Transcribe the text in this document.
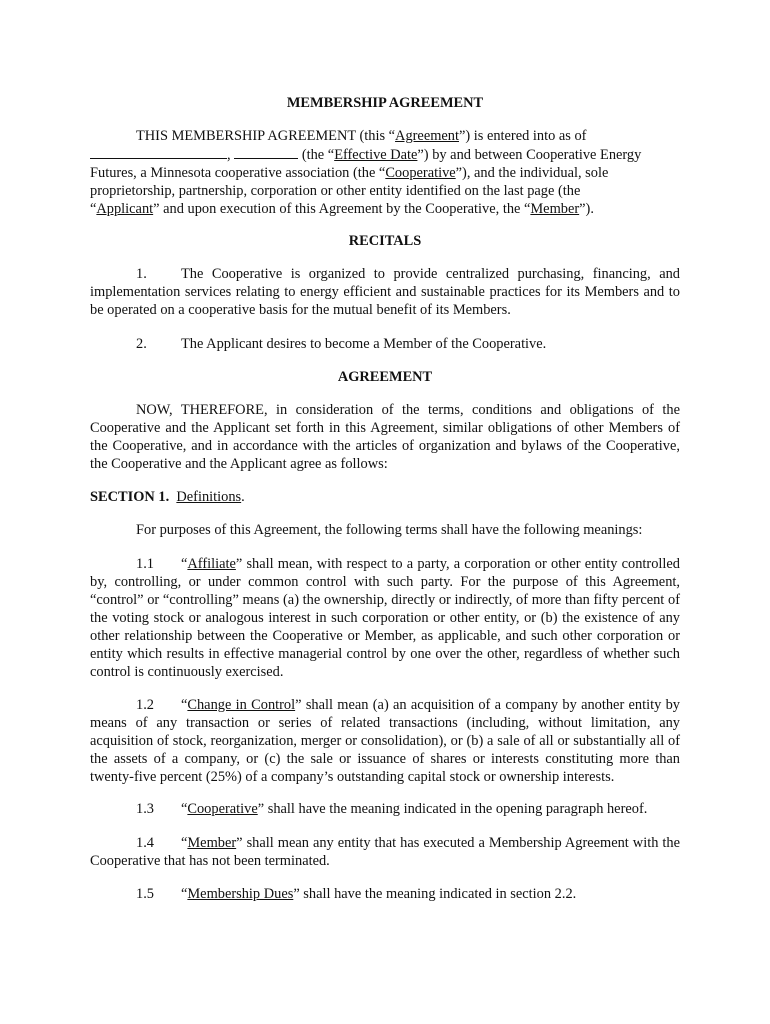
MEMBERSHIP AGREEMENT

THIS MEMBERSHIP AGREEMENT (this “Agreement”) is entered into as of
,	(the “Effective Date”) by and between Cooperative Energy
Futures, a Minnesota cooperative association (the “Cooperative”), and the individual, sole
proprietorship, partnership, corporation or other entity identified on the last page (the
“Applicant” and upon execution of this Agreement by the Cooperative, the “Member”).

RECITALS

1. The Cooperative is organized to provide centralized purchasing, financing, and implementation services relating to energy efficient and sustainable practices for its Members and to be operated on a cooperative basis for the mutual benefit of its Members.

2. The Applicant desires to become a Member of the Cooperative.

AGREEMENT

NOW, THEREFORE, in consideration of the terms, conditions and obligations of the Cooperative and the Applicant set forth in this Agreement, similar obligations of other Members of the Cooperative, and in accordance with the articles of organization and bylaws of the Cooperative, the Cooperative and the Applicant agree as follows:

SECTION 1. Definitions.

For purposes of this Agreement, the following terms shall have the following meanings:

1.1 “Affiliate” shall mean, with respect to a party, a corporation or other entity controlled by, controlling, or under common control with such party. For the purpose of this Agreement, “control” or “controlling” means (a) the ownership, directly or indirectly, of more than fifty percent of the voting stock or analogous interest in such corporation or other entity, or (b) the existence of any other relationship between the Cooperative or Member, as applicable, and such other corporation or entity which results in effective managerial control by one over the other, regardless of whether such control is continuously exercised.

1.2 “Change in Control” shall mean (a) an acquisition of a company by another entity by means of any transaction or series of related transactions (including, without limitation, any acquisition of stock, reorganization, merger or consolidation), or (b) a sale of all or substantially all of the assets of a company, or (c) the sale or issuance of shares or interests constituting more than twenty-five percent (25%) of a company’s outstanding capital stock or ownership interests.

1.3 “Cooperative” shall have the meaning indicated in the opening paragraph hereof.

1.4 “Member” shall mean any entity that has executed a Membership Agreement with the Cooperative that has not been terminated.

1.5 “Membership Dues” shall have the meaning indicated in section 2.2.
